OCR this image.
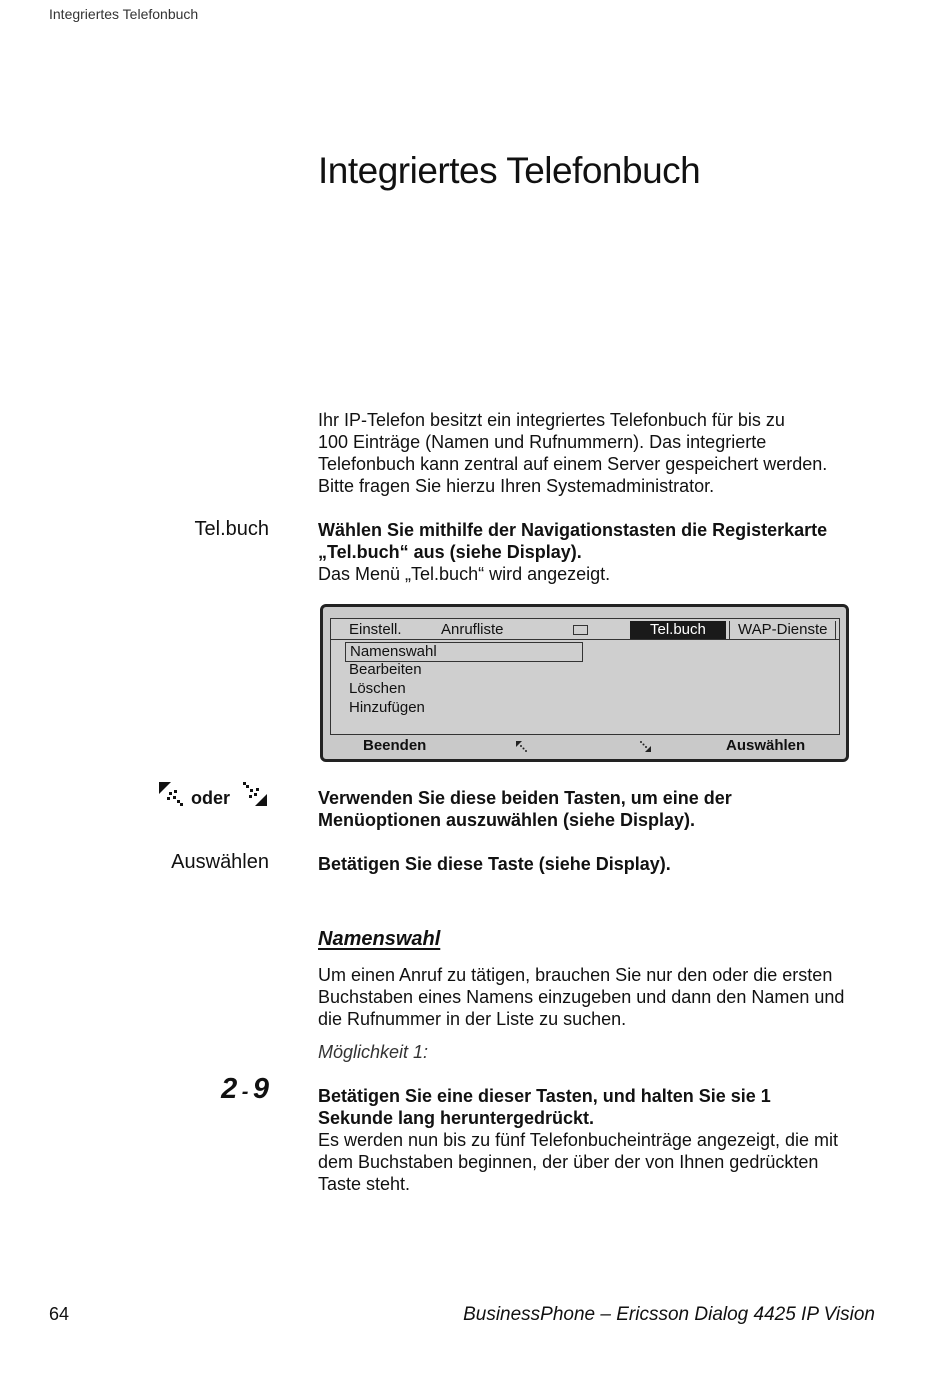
Integriertes Telefonbuch
Integriertes Telefonbuch
Ihr IP-Telefon besitzt ein integriertes Telefonbuch für bis zu
100 Einträge (Namen und Rufnummern). Das integrierte
Telefonbuch kann zentral auf einem Server gespeichert werden.
Bitte fragen Sie hierzu Ihren Systemadministrator.
Tel.buch	Wählen Sie mithilfe der Navigationstasten die Registerkarte
„Tel.buch“ aus (siehe Display).
Das Menü „Tel.buch“ wird angezeigt.
Einstell.	Anrufliste	Tel.buch	WAP-Dienste
Namenswahl
Bearbeiten
Löschen
Hinzufügen
Beenden	Auswählen
oder	Verwenden Sie diese beiden Tasten, um eine der
Menüoptionen auszuwählen (siehe Display).
Auswählen	Betätigen Sie diese Taste (siehe Display).
Namenswahl
Um einen Anruf zu tätigen, brauchen Sie nur den oder die ersten
Buchstaben eines Namens einzugeben und dann den Namen und
die Rufnummer in der Liste zu suchen.
Möglichkeit 1:
2 - 9	Betätigen Sie eine dieser Tasten, und halten Sie sie 1
Sekunde lang heruntergedrückt.
Es werden nun bis zu fünf Telefonbucheinträge angezeigt, die mit
dem Buchstaben beginnen, der über der von Ihnen gedrückten
Taste steht.
64	BusinessPhone – Ericsson Dialog 4425 IP Vision
